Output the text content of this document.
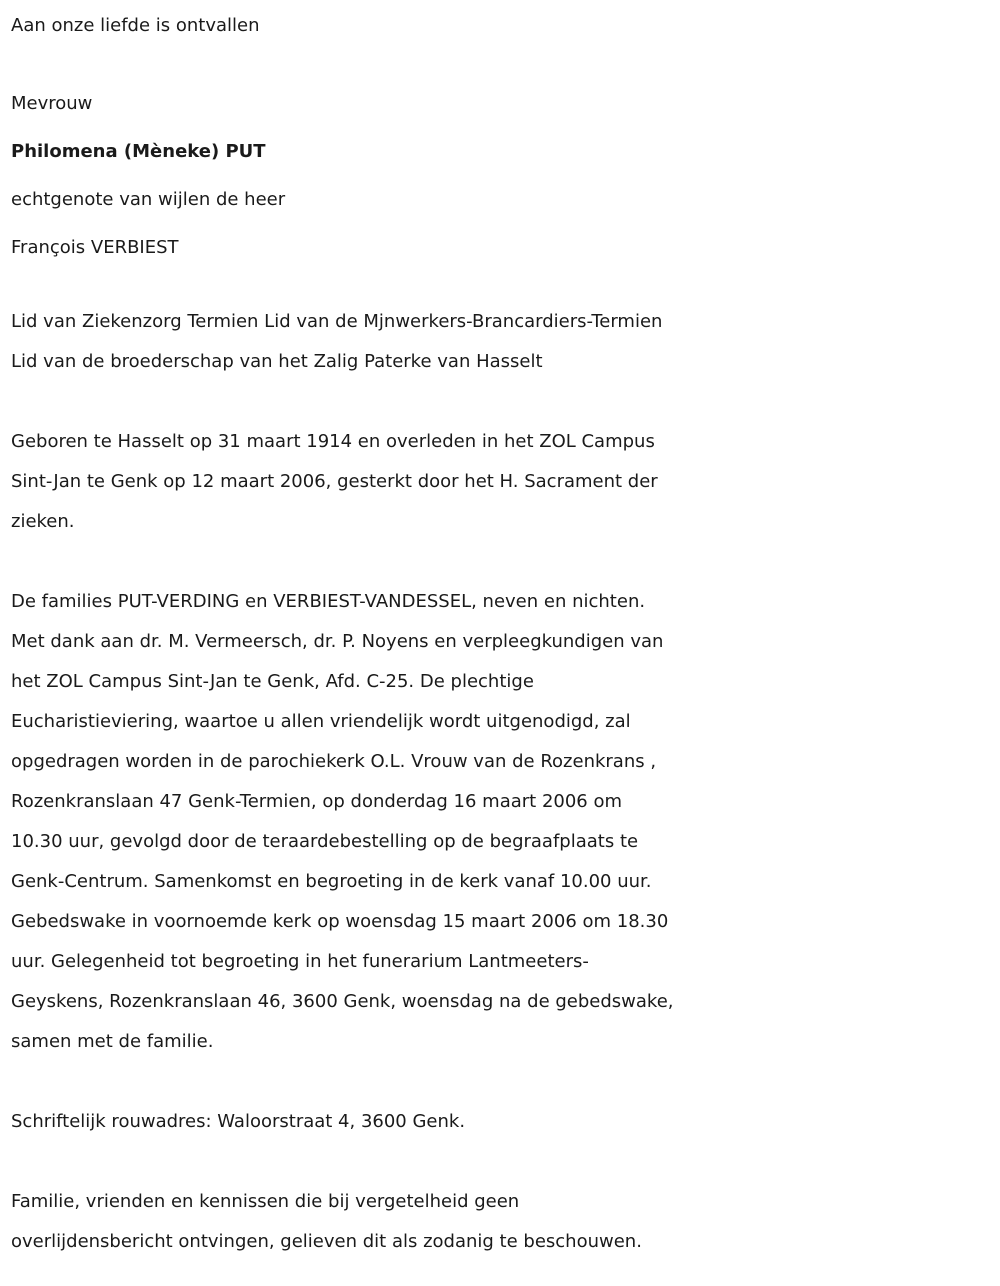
Aan onze liefde is ontvallen
Mevrouw
Philomena (Mèneke) PUT
echtgenote van wijlen de heer
François VERBIEST
Lid van Ziekenzorg Termien Lid van de Mjnwerkers-Brancardiers-Termien
Lid van de broederschap van het Zalig Paterke van Hasselt
Geboren te Hasselt op 31 maart 1914 en overleden in het ZOL Campus
Sint-Jan te Genk op 12 maart 2006, gesterkt door het H. Sacrament der
zieken.
De families PUT-VERDING en VERBIEST-VANDESSEL, neven en nichten.
Met dank aan dr. M. Vermeersch, dr. P. Noyens en verpleegkundigen van
het ZOL Campus Sint-Jan te Genk, Afd. C-25. De plechtige
Eucharistieviering, waartoe u allen vriendelijk wordt uitgenodigd, zal
opgedragen worden in de parochiekerk O.L. Vrouw van de Rozenkrans ,
Rozenkranslaan 47 Genk-Termien, op donderdag 16 maart 2006 om
10.30 uur, gevolgd door de teraardebestelling op de begraafplaats te
Genk-Centrum. Samenkomst en begroeting in de kerk vanaf 10.00 uur.
Gebedswake in voornoemde kerk op woensdag 15 maart 2006 om 18.30
uur. Gelegenheid tot begroeting in het funerarium Lantmeeters-
Geyskens, Rozenkranslaan 46, 3600 Genk, woensdag na de gebedswake,
samen met de familie.
Schriftelijk rouwadres: Waloorstraat 4, 3600 Genk.
Familie, vrienden en kennissen die bij vergetelheid geen
overlijdensbericht ontvingen, gelieven dit als zodanig te beschouwen.
